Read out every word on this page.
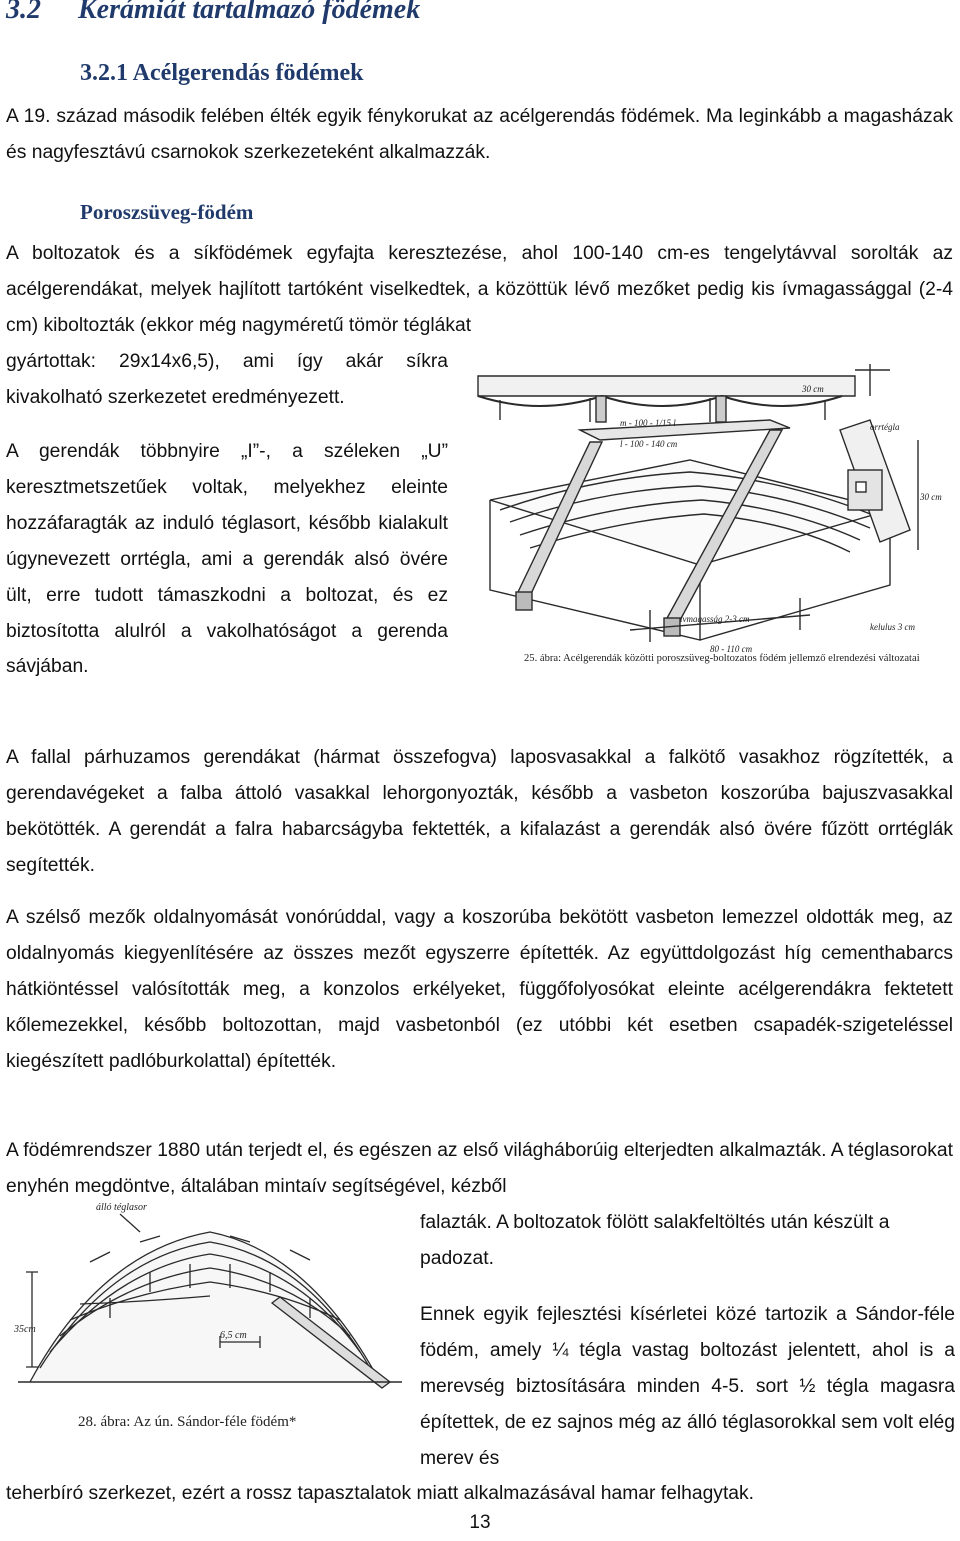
3.2 Kerámiát tartalmazó födémek
3.2.1 Acélgerendás födémek

A 19. század második felében élték egyik fénykorukat az acélgerendás födémek. Ma leginkább a magasházak és nagyfesztávú csarnokok szerkezeteként alkalmazzák.

Poroszsüveg-födém

A boltozatok és a síkfödémek egyfajta keresztezése, ahol 100-140 cm-es tengelytávval sorolták az acélgerendákat, melyek hajlított tartóként viselkedtek, a közöttük lévő mezőket pedig kis ívmagassággal (2-4 cm) kiboltozták (ekkor még nagyméretű tömör téglákat

gyártottak: 29x14x6,5), ami így akár síkra kivakolható szerkezetet eredményezett.

A gerendák többnyire „I”-, a széleken „U” keresztmetszetűek voltak, melyekhez eleinte hozzáfaragták az induló téglasort, később kialakult úgynevezett orrtégla, ami a gerendák alsó övére ült, erre tudott támaszkodni a boltozat, és ez biztosította alulról a vakolhatóságot a gerenda sávjában.

30 cm
l - 100 - 140 cm
m - 100 - 1/15 l	orrtégla
ívmagasság 2-3 cm
80 - 110 cm
kelulus 3 cm
30 cm
25. ábra: Acélgerendák közötti poroszsüveg-boltozatos födém jellemző elrendezési változatai

A fallal párhuzamos gerendákat (hármat összefogva) laposvasakkal a falkötő vasakhoz rögzítették, a gerendavégeket a falba áttoló vasakkal lehorgonyozták, később a vasbeton koszorúba bajuszvasakkal bekötötték. A gerendát a falra habarcságyba fektették, a kifalazást a gerendák alsó övére fűzött orrtéglák segítették.

A szélső mezők oldalnyomását vonórúddal, vagy a koszorúba bekötött vasbeton lemezzel oldották meg, az oldalnyomás kiegyenlítésére az összes mezőt egyszerre építették. Az együttdolgozást híg cementhabarcs hátkiöntéssel valósították meg, a konzolos erkélyeket, függőfolyosókat eleinte acélgerendákra fektetett kőlemezekkel, később boltozottan, majd vasbetonból (ez utóbbi két esetben csapadék-szigeteléssel kiegészített padlóburkolattal) építették.

A födémrendszer 1880 után terjedt el, és egészen az első világháborúig elterjedten alkalmazták. A téglasorokat enyhén megdöntve, általában mintaív segítségével, kézből

falazták. A boltozatok fölött salakfeltöltés után készült a padozat.

álló téglasor
35cm
6,5 cm
28. ábra: Az ún. Sándor-féle födém*

Ennek egyik fejlesztési kísérletei közé tartozik a Sándor-féle födém, amely ¼ tégla vastag boltozást jelentett, ahol is a merevség biztosítására minden 4-5. sort ½ tégla magasra építettek, de ez sajnos még az álló téglasorokkal sem volt elég merev és

teherbíró szerkezet, ezért a rossz tapasztalatok miatt alkalmazásával hamar felhagytak.

13
